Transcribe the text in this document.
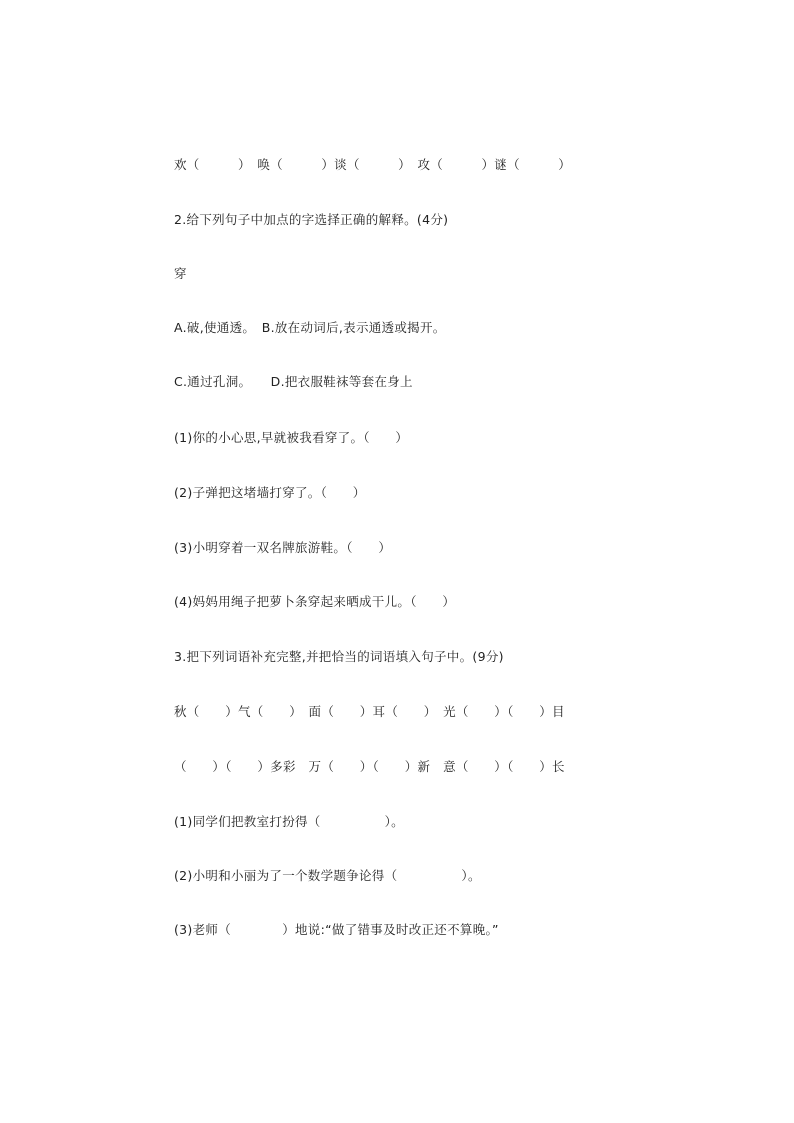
欢（　　　）　唤（　　　）谈（　　　）　攻（　　　）谜（　　　）
2.给下列句子中加点的字选择正确的解释。(4分)
穿
A.破,使通透。　B.放在动词后,表示通透或揭开。
C.通过孔洞。　　D.把衣服鞋袜等套在身上
(1)你的小心思,早就被我看穿了。（　　）
(2)子弹把这堵墙打穿了。（　　）
(3)小明穿着一双名牌旅游鞋。（　　）
(4)妈妈用绳子把萝卜条穿起来晒成干儿。（　　）
3.把下列词语补充完整,并把恰当的词语填入句子中。(9分)
秋（　　）气（　　）　面（　　）耳（　　）　光（　　）（　　）目
（　　）（　　）多彩　万（　　）（　　）新　意（　　）（　　）长
(1)同学们把教室打扮得（　　　　　）。
(2)小明和小丽为了一个数学题争论得（　　　　　）。
(3)老师（　　　　）地说:“做了错事及时改正还不算晚。”
